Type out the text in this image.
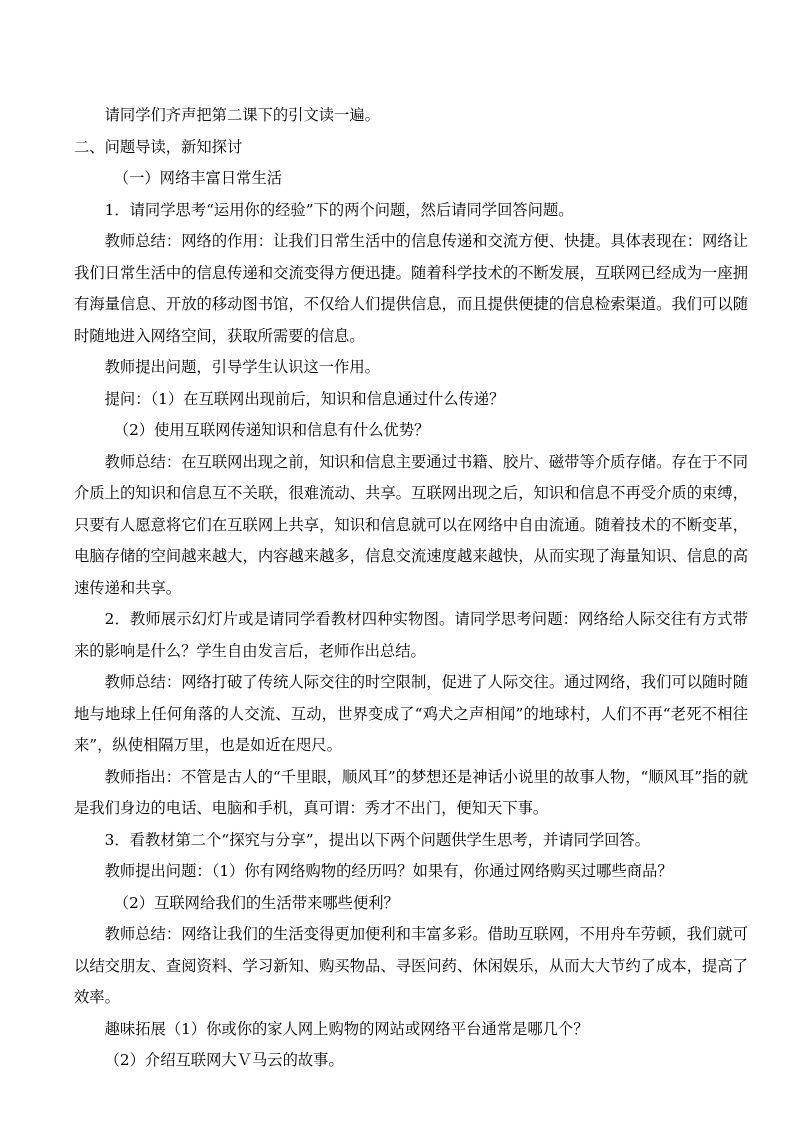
请同学们齐声把第二课下的引文读一遍。

二、问题导读，新知探讨

（一）网络丰富日常生活

1．请同学思考“运用你的经验”下的两个问题，然后请同学回答问题。

教师总结：网络的作用：让我们日常生活中的信息传递和交流方便、快捷。具体表现在：网络让我们日常生活中的信息传递和交流变得方便迅捷。随着科学技术的不断发展，互联网已经成为一座拥有海量信息、开放的移动图书馆，不仅给人们提供信息，而且提供便捷的信息检索渠道。我们可以随时随地进入网络空间，获取所需要的信息。

教师提出问题，引导学生认识这一作用。

提问：（1）在互联网出现前后，知识和信息通过什么传递？

（2）使用互联网传递知识和信息有什么优势？

教师总结：在互联网出现之前，知识和信息主要通过书籍、胶片、磁带等介质存储。存在于不同介质上的知识和信息互不关联，很难流动、共享。互联网出现之后，知识和信息不再受介质的束缚，只要有人愿意将它们在互联网上共享，知识和信息就可以在网络中自由流通。随着技术的不断变革，电脑存储的空间越来越大，内容越来越多，信息交流速度越来越快，从而实现了海量知识、信息的高速传递和共享。

2．教师展示幻灯片或是请同学看教材四种实物图。请同学思考问题：网络给人际交往有方式带来的影响是什么？学生自由发言后，老师作出总结。

教师总结：网络打破了传统人际交往的时空限制，促进了人际交往。通过网络，我们可以随时随地与地球上任何角落的人交流、互动，世界变成了“鸡犬之声相闻”的地球村，人们不再“老死不相往来”，纵使相隔万里，也是如近在咫尺。

教师指出：不管是古人的“千里眼，顺风耳”的梦想还是神话小说里的故事人物，“顺风耳”指的就是我们身边的电话、电脑和手机，真可谓：秀才不出门，便知天下事。

3．看教材第二个“探究与分享”，提出以下两个问题供学生思考，并请同学回答。

教师提出问题：（1）你有网络购物的经历吗？如果有，你通过网络购买过哪些商品？

（2）互联网给我们的生活带来哪些便利？

教师总结：网络让我们的生活变得更加便利和丰富多彩。借助互联网，不用舟车劳顿，我们就可以结交朋友、查阅资料、学习新知、购买物品、寻医问药、休闲娱乐，从而大大节约了成本，提高了效率。

趣味拓展（1）你或你的家人网上购物的网站或网络平台通常是哪几个？

（2）介绍互联网大Ｖ马云的故事。
